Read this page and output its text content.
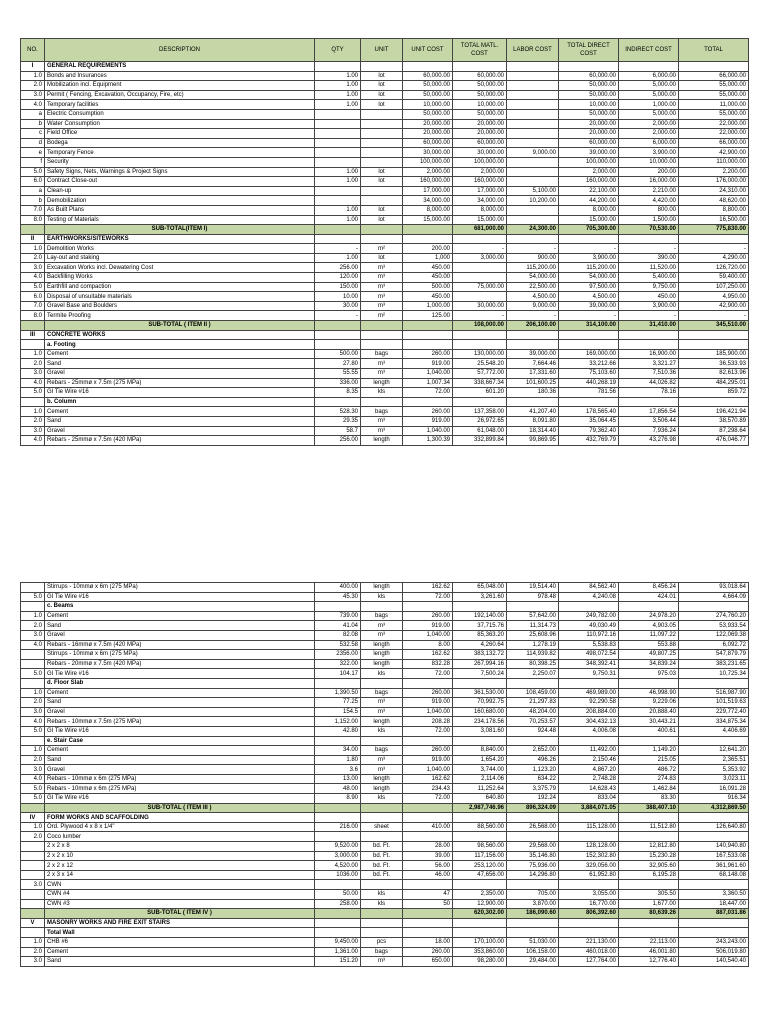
NO.	DESCRIPTION	QTY	UNIT	UNIT COST	TOTAL MATL. COST	LABOR COST	TOTAL DIRECT COST	INDIRECT COST	TOTAL
I	GENERAL REQUIREMENTS								
1.0	Bonds and Insurances	1.00	lot	60,000.00	60,000.00		60,000.00	6,000.00	66,000.00
2.0	Mobilization incl. Equipment	1.00	lot	50,000.00	50,000.00		50,000.00	5,000.00	55,000.00
3.0	Permit ( Fencing, Excavation, Occupancy, Fire, etc)	1.00	lot	50,000.00	50,000.00		50,000.00	5,000.00	55,000.00
4.0	Temporary facilities	1.00	lot	10,000.00	10,000.00		10,000.00	1,000.00	11,000.00
a	Electric Consumption			50,000.00	50,000.00		50,000.00	5,000.00	55,000.00
b	Water Consumption			20,000.00	20,000.00		20,000.00	2,000.00	22,000.00
c	Field Office			20,000.00	20,000.00		20,000.00	2,000.00	22,000.00
d	Bodega			60,000.00	60,000.00		60,000.00	6,000.00	66,000.00
e	Temporary Fence			30,000.00	30,000.00	9,000.00	39,000.00	3,900.00	42,900.00
f	Security			100,000.00	100,000.00		100,000.00	10,000.00	110,000.00
5.0	Safety Signs, Nets, Warnings & Project Signs	1.00	lot	2,000.00	2,000.00		2,000.00	200.00	2,200.00
6.0	Contract Close-out	1.00	lot	160,000.00	160,000.00		160,000.00	16,000.00	176,000.00
a	Clean-up			17,000.00	17,000.00	5,100.00	22,100.00	2,210.00	24,310.00
b	Demobilization			34,000.00	34,000.00	10,200.00	44,200.00	4,420.00	48,620.00
7.0	As Built Plans	1.00	lot	8,000.00	8,000.00		8,000.00	800.00	8,800.00
8.0	Testing of Materials	1.00	lot	15,000.00	15,000.00		15,000.00	1,500.00	16,500.00
	SUB-TOTAL(ITEM I)				681,000.00	24,300.00	705,300.00	70,530.00	775,830.00
II	EARTHWORKS/SITEWORKS								
1.0	Demolition Works	-	m²	200.00	-	-	-	-	-
2.0	Lay-out and staking	1.00	lot	1,000	3,000.00	900.00	3,900.00	390.00	4,290.00
3.0	Excavation Works incl. Dewatering Cost	256.00	m³	450.00		115,200.00	115,200.00	11,520.00	126,720.00
4.0	Backfilling Works	120.00	m³	450.00		54,000.00	54,000.00	5,400.00	59,400.00
5.0	Earthfill and compaction	150.00	m³	500.00	75,000.00	22,500.00	97,500.00	9,750.00	107,250.00
6.0	Disposal of unsuitable materials	10.00	m³	450.00		4,500.00	4,500.00	450.00	4,950.00
7.0	Gravel Base and Boulders	30.00	m³	1,000.00	30,000.00	9,000.00	39,000.00	3,900.00	42,900.00
8.0	Termite Proofing	-	m²	125.00	-	-	-	-	-
	SUB-TOTAL ( ITEM II )				108,000.00	206,100.00	314,100.00	31,410.00	345,510.00
III	CONCRETE WORKS								
	a. Footing								
1.0	Cement	500.00	bags	260.00	130,000.00	39,000.00	169,000.00	16,900.00	185,900.00
2.0	Sand	27.80	m³	919.00	25,548.20	7,664.46	33,212.66	3,321.27	36,533.93
3.0	Gravel	55.55	m³	1,040.00	57,772.00	17,331.60	75,103.60	7,510.36	82,613.96
4.0	Rebars - 25mmø x 7.5m (275 MPa)	336.00	length	1,007.34	338,667.34	101,600.25	440,268.19	44,026.82	484,295.01
5.0	GI Tie Wire #16	8.35	kls	72.00	601.20	180.36	781.56	78.16	859.72
	b. Column								
1.0	Cement	528.30	bags	260.00	137,358.00	41,207.40	178,565.40	17,856.54	196,421.94
2.0	Sand	29.35	m³	919.00	26,972.65	8,091.80	35,064.45	3,506.44	38,570.89
3.0	Gravel	58.7	m³	1,040.00	61,048.00	18,314.40	79,362.40	7,936.24	87,298.64
4.0	Rebars - 25mmø x 7.5m (420 MPa)	256.00	length	1,300.39	332,899.84	99,869.95	432,769.79	43,276.98	476,046.77
	Stirrups - 10mmø x 6m (275 MPa)	400.00	length	162.62	65,048.00	19,514.40	84,562.40	8,456.24	93,018.64
5.0	GI Tie Wire #16	45.30	kls	72.00	3,261.60	978.48	4,240.08	424.01	4,664.09
	c. Beams								
1.0	Cement	739.00	bags	260.00	192,140.00	57,642.00	249,782.00	24,978.20	274,760.20
2.0	Sand	41.04	m³	919.00	37,715.76	11,314.73	49,030.49	4,903.05	53,933.54
3.0	Gravel	82.08	m³	1,040.00	85,363.20	25,608.96	110,972.16	11,097.22	122,069.38
4.0	Rebars - 16mmø x 7.5m (420 MPa)	532.58	length	8.00	4,260.64	1,278.19	5,538.83	553.88	6,092.72
	Stirrups - 10mmø x 6m (275 MPa)	2356.00	length	162.62	383,132.72	114,939.82	498,072.54	49,807.25	547,879.79
	Rebars - 20mmø x 7.5m (420 MPa)	322.00	length	832.28	267,994.16	80,398.25	348,392.41	34,839.24	383,231.65
5.0	GI Tie Wire #16	104.17	kls	72.00	7,500.24	2,250.07	9,750.31	975.03	10,725.34
	d. Floor Slab								
1.0	Cement	1,390.50	bags	260.00	361,530.00	108,459.00	469,989.00	46,998.90	516,987.90
2.0	Sand	77.25	m³	919.00	70,992.75	21,297.83	92,290.58	9,229.06	101,519.63
3.0	Gravel	154.5	m³	1,040.00	160,680.00	48,204.00	208,884.00	20,888.40	229,772.40
4.0	Rebars - 10mmø x 7.5m (275 MPa)	1,152.00	length	208.28	234,178.56	70,253.57	304,432.13	30,443.21	334,875.34
5.0	GI Tie Wire #16	42.80	kls	72.00	3,081.60	924.48	4,006.08	400.61	4,406.69
	e. Stair Case								
1.0	Cement	34.00	bags	260.00	8,840.00	2,652.00	11,492.00	1,149.20	12,641.20
2.0	Sand	1.80	m³	919.00	1,654.20	496.26	2,150.46	215.05	2,365.51
3.0	Gravel	3.6	m³	1,040.00	3,744.00	1,123.20	4,867.20	486.72	5,353.92
4.0	Rebars - 10mmø x 6m (275 MPa)	13.00	length	162.62	2,114.06	634.22	2,748.28	274.83	3,023.11
5.0	Rebars - 10mmø x 6m (275 MPa)	48.00	length	234.43	11,252.64	3,375.79	14,628.43	1,462.84	16,091.28
5.0	GI Tie Wire #16	8.90	kls	72.00	640.80	192.24	833.04	83.30	916.34
	SUB-TOTAL ( ITEM III )				2,987,746.96	896,324.09	3,884,071.05	388,407.10	4,312,869.50
IV	FORM WORKS AND SCAFFOLDING								
1.0	Ord. Plywood 4 x 8 x 1/4"	216.00	sheet	410.00	88,560.00	26,568.00	115,128.00	11,512.80	126,640.80
2.0	Coco lumber								
	2 x 2 x 8	9,520.00	bd. Ft.	28.00	98,560.00	29,568.00	128,128.00	12,812.80	140,940.80
	2 x 2 x 10	3,000.00	bd. Ft.	39.00	117,156.00	35,146.80	152,302.80	15,230.28	167,533.08
	2 x 2 x 12	4,520.00	bd. Ft.	56.00	253,120.00	75,936.00	329,056.00	32,905.60	361,961.60
	2 x 3 x 14	1036.00	bd. Ft.	46.00	47,656.00	14,296.80	61,952.80	6,195.28	68,148.08
3.0	CWN								
	CWN #4	50.00	kls	47	2,350.00	705.00	3,055.00	305.50	3,360.50
	CWN #3	258.00	kls	50	12,900.00	3,870.00	16,770.00	1,677.00	18,447.00
	SUB-TOTAL ( ITEM IV )				620,302.00	186,090.60	806,392.60	80,639.26	887,031.86
V	MASONRY WORKS AND FIRE EXIT STAIRS								
	Total Wall								
1.0	CHB #6	9,450.00	pcs	18.00	170,100.00	51,030.00	221,130.00	22,113.00	243,243.00
2.0	Cement	1,361.00	bags	260.00	353,860.00	106,158.00	460,018.00	46,001.80	506,019.80
3.0	Sand	151.20	m³	650.00	98,280.00	29,484.00	127,764.00	12,776.40	140,540.40
